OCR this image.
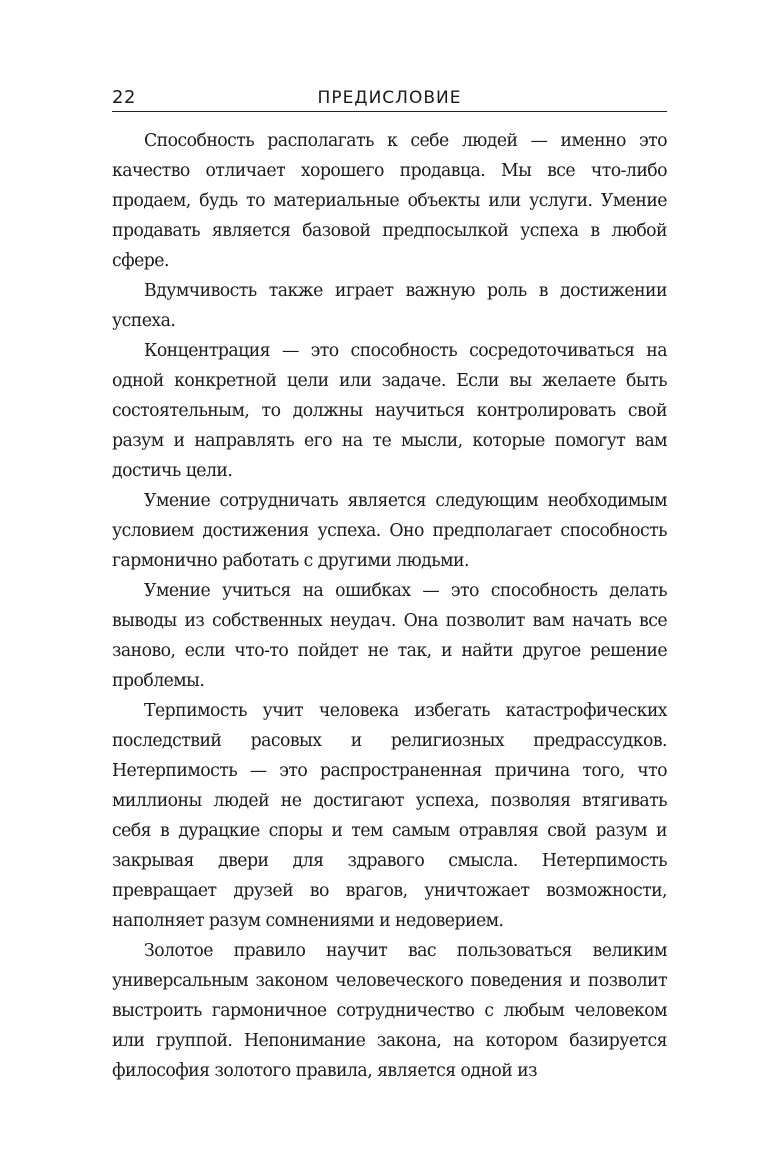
22	ПРЕДИСЛОВИЕ

Способность располагать к себе людей — именно это качество отличает хорошего продавца. Мы все что-либо продаем, будь то материальные объекты или услуги. Умение продавать является базовой предпосылкой успеха в любой сфере.

Вдумчивость также играет важную роль в достижении успеха.

Концентрация — это способность сосредоточиваться на одной конкретной цели или задаче. Если вы желаете быть состоятельным, то должны научиться контролировать свой разум и направлять его на те мысли, которые помогут вам достичь цели.

Умение сотрудничать является следующим необходимым условием достижения успеха. Оно предполагает способность гармонично работать с другими людьми.

Умение учиться на ошибках — это способность делать выводы из собственных неудач. Она позволит вам начать все заново, если что-то пойдет не так, и найти другое решение проблемы.

Терпимость учит человека избегать катастрофических последствий расовых и религиозных предрассудков. Нетерпимость — это распространенная причина того, что миллионы людей не достигают успеха, позволяя втягивать себя в дурацкие споры и тем самым отравляя свой разум и закрывая двери для здравого смысла. Нетерпимость превращает друзей во врагов, уничтожает возможности, наполняет разум сомнениями и недоверием.

Золотое правило научит вас пользоваться великим универсальным законом человеческого поведения и позволит выстроить гармоничное сотрудничество с любым человеком или группой. Непонимание закона, на котором базируется философия золотого правила, является одной из
